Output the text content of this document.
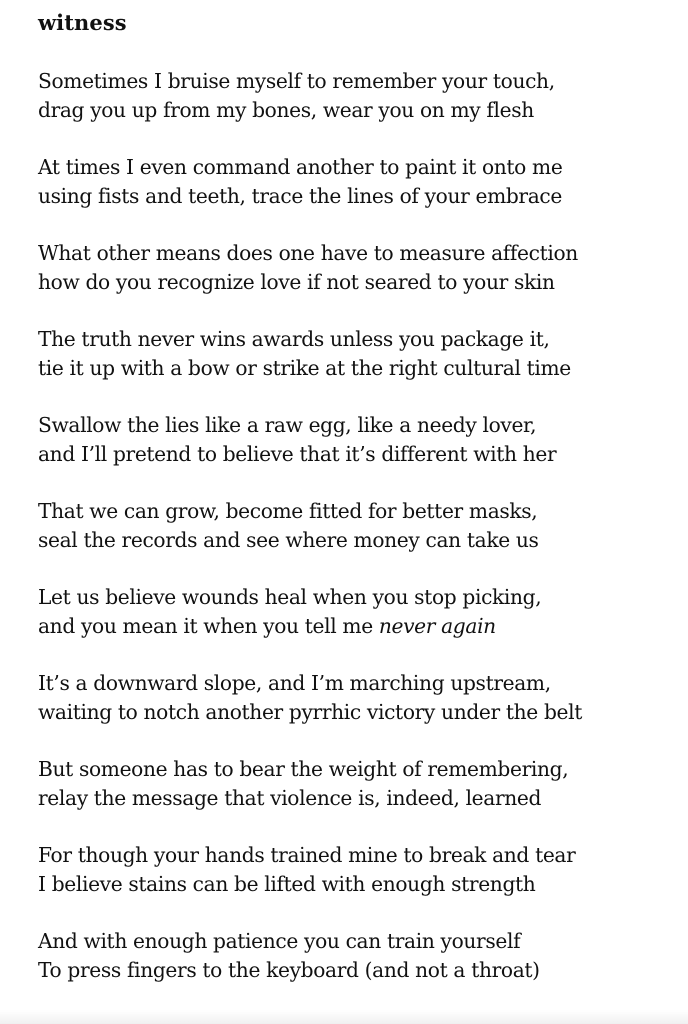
witness
Sometimes I bruise myself to remember your touch,
drag you up from my bones, wear you on my flesh
At times I even command another to paint it onto me
using fists and teeth, trace the lines of your embrace
What other means does one have to measure affection
how do you recognize love if not seared to your skin
The truth never wins awards unless you package it,
tie it up with a bow or strike at the right cultural time
Swallow the lies like a raw egg, like a needy lover,
and I’ll pretend to believe that it’s different with her
That we can grow, become fitted for better masks,
seal the records and see where money can take us
Let us believe wounds heal when you stop picking,
and you mean it when you tell me never again
It’s a downward slope, and I’m marching upstream,
waiting to notch another pyrrhic victory under the belt
But someone has to bear the weight of remembering,
relay the message that violence is, indeed, learned
For though your hands trained mine to break and tear
I believe stains can be lifted with enough strength
And with enough patience you can train yourself
To press fingers to the keyboard (and not a throat)
